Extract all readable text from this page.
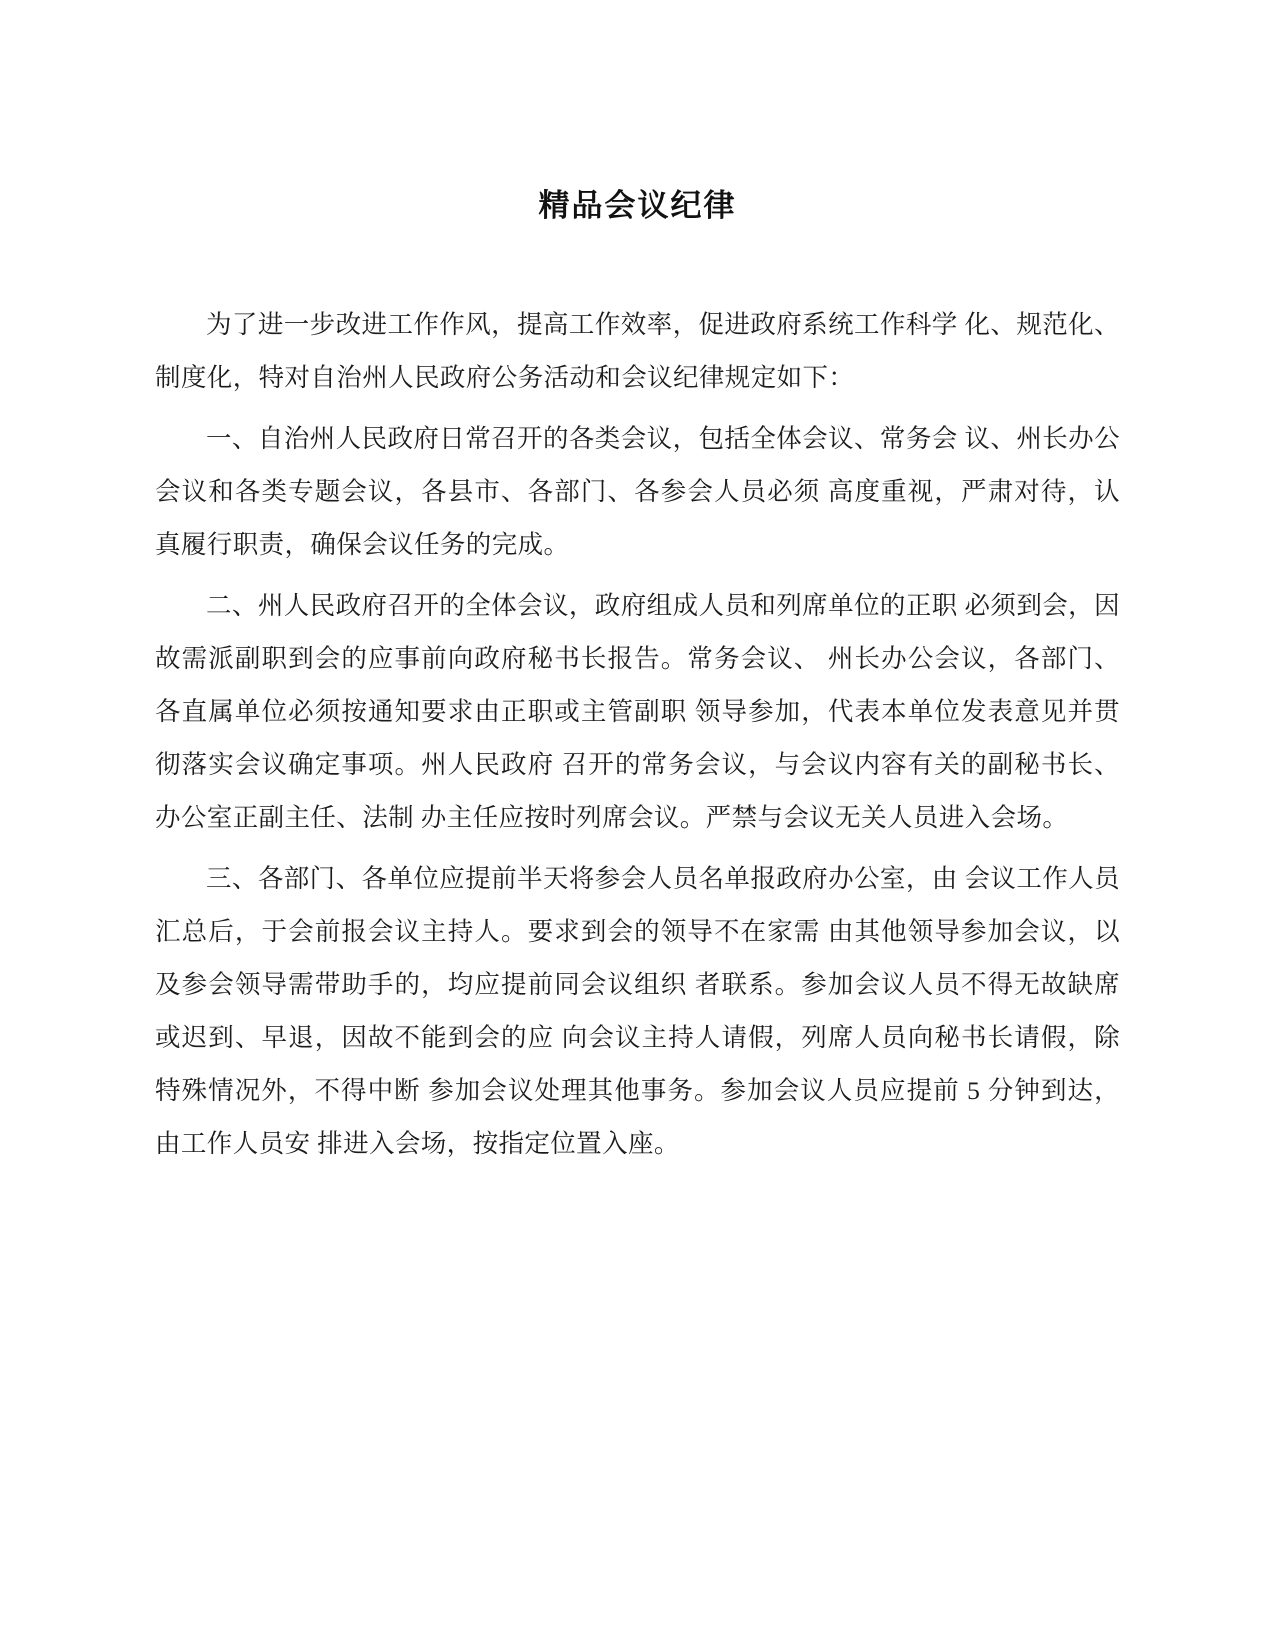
精品会议纪律

为了进一步改进工作作风，提高工作效率，促进政府系统工作科学 化、规范化、制度化，特对自治州人民政府公务活动和会议纪律规定如下：

一、自治州人民政府日常召开的各类会议，包括全体会议、常务会 议、州长办公会议和各类专题会议，各县市、各部门、各参会人员必须 高度重视，严肃对待，认真履行职责，确保会议任务的完成。

二、州人民政府召开的全体会议，政府组成人员和列席单位的正职 必须到会，因故需派副职到会的应事前向政府秘书长报告。常务会议、 州长办公会议，各部门、各直属单位必须按通知要求由正职或主管副职 领导参加，代表本单位发表意见并贯彻落实会议确定事项。州人民政府 召开的常务会议，与会议内容有关的副秘书长、办公室正副主任、法制 办主任应按时列席会议。严禁与会议无关人员进入会场。

三、各部门、各单位应提前半天将参会人员名单报政府办公室，由 会议工作人员汇总后，于会前报会议主持人。要求到会的领导不在家需 由其他领导参加会议，以及参会领导需带助手的，均应提前同会议组织 者联系。参加会议人员不得无故缺席或迟到、早退，因故不能到会的应 向会议主持人请假，列席人员向秘书长请假，除特殊情况外，不得中断 参加会议处理其他事务。参加会议人员应提前 5 分钟到达，由工作人员安 排进入会场，按指定位置入座。
